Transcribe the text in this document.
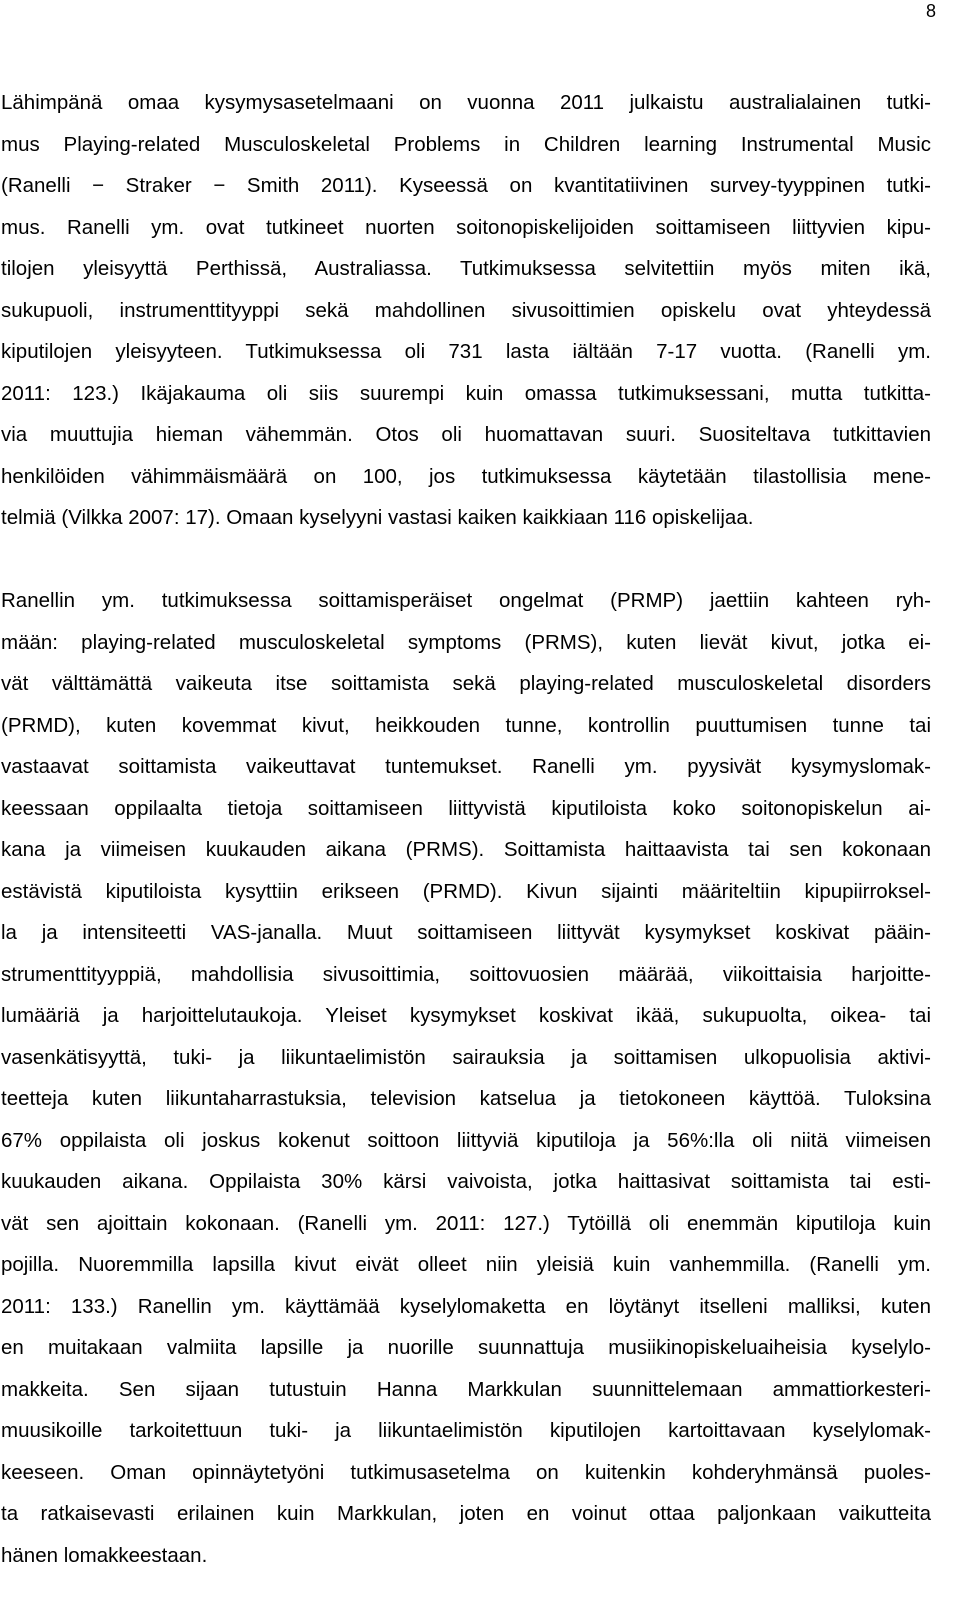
8
Lähimpänä omaa kysymysasetelmaani on vuonna 2011 julkaistu australialainen tutki-
mus Playing-related Musculoskeletal Problems in Children learning Instrumental Music
(Ranelli − Straker − Smith 2011). Kyseessä on kvantitatiivinen survey-tyyppinen tutki-
mus. Ranelli ym. ovat tutkineet nuorten soitonopiskelijoiden soittamiseen liittyvien kipu-
tilojen yleisyyttä Perthissä, Australiassa. Tutkimuksessa selvitettiin myös miten ikä,
sukupuoli, instrumenttityyppi sekä mahdollinen sivusoittimien opiskelu ovat yhteydessä
kiputilojen yleisyyteen. Tutkimuksessa oli 731 lasta iältään 7-17 vuotta. (Ranelli ym.
2011: 123.) Ikäjakauma oli siis suurempi kuin omassa tutkimuksessani, mutta tutkitta-
via muuttujia hieman vähemmän. Otos oli huomattavan suuri. Suositeltava tutkittavien
henkilöiden vähimmäismäärä on 100, jos tutkimuksessa käytetään tilastollisia mene-
telmiä (Vilkka 2007: 17). Omaan kyselyyni vastasi kaiken kaikkiaan 116 opiskelijaa.
Ranellin ym. tutkimuksessa soittamisperäiset ongelmat (PRMP) jaettiin kahteen ryh-
mään: playing-related musculoskeletal symptoms (PRMS), kuten lievät kivut, jotka ei-
vät välttämättä vaikeuta itse soittamista sekä playing-related musculoskeletal disorders
(PRMD), kuten kovemmat kivut, heikkouden tunne, kontrollin puuttumisen tunne tai
vastaavat soittamista vaikeuttavat tuntemukset. Ranelli ym. pyysivät kysymyslomak-
keessaan oppilaalta tietoja soittamiseen liittyvistä kiputiloista koko soitonopiskelun ai-
kana ja viimeisen kuukauden aikana (PRMS). Soittamista haittaavista tai sen kokonaan
estävistä kiputiloista kysyttiin erikseen (PRMD). Kivun sijainti määriteltiin kipupiirroksel-
la ja intensiteetti VAS-janalla. Muut soittamiseen liittyvät kysymykset koskivat pääin-
strumenttityyppiä, mahdollisia sivusoittimia, soittovuosien määrää, viikoittaisia harjoitte-
lumääriä ja harjoittelutaukoja. Yleiset kysymykset koskivat ikää, sukupuolta, oikea- tai
vasenkätisyyttä, tuki- ja liikuntaelimistön sairauksia ja soittamisen ulkopuolisia aktivi-
teetteja kuten liikuntaharrastuksia, television katselua ja tietokoneen käyttöä. Tuloksina
67% oppilaista oli joskus kokenut soittoon liittyviä kiputiloja ja 56%:lla oli niitä viimeisen
kuukauden aikana. Oppilaista 30% kärsi vaivoista, jotka haittasivat soittamista tai esti-
vät sen ajoittain kokonaan. (Ranelli ym. 2011: 127.) Tytöillä oli enemmän kiputiloja kuin
pojilla. Nuoremmilla lapsilla kivut eivät olleet niin yleisiä kuin vanhemmilla. (Ranelli ym.
2011: 133.) Ranellin ym. käyttämää kyselylomaketta en löytänyt itselleni malliksi, kuten
en muitakaan valmiita lapsille ja nuorille suunnattuja musiikinopiskeluaiheisia kyselylo-
makkeita. Sen sijaan tutustuin Hanna Markkulan suunnittelemaan ammattiorkesteri-
muusikoille tarkoitettuun tuki- ja liikuntaelimistön kiputilojen kartoittavaan kyselylomak-
keeseen. Oman opinnäytetyöni tutkimusasetelma on kuitenkin kohderyhmänsä puoles-
ta ratkaisevasti erilainen kuin Markkulan, joten en voinut ottaa paljonkaan vaikutteita
hänen lomakkeestaan.
